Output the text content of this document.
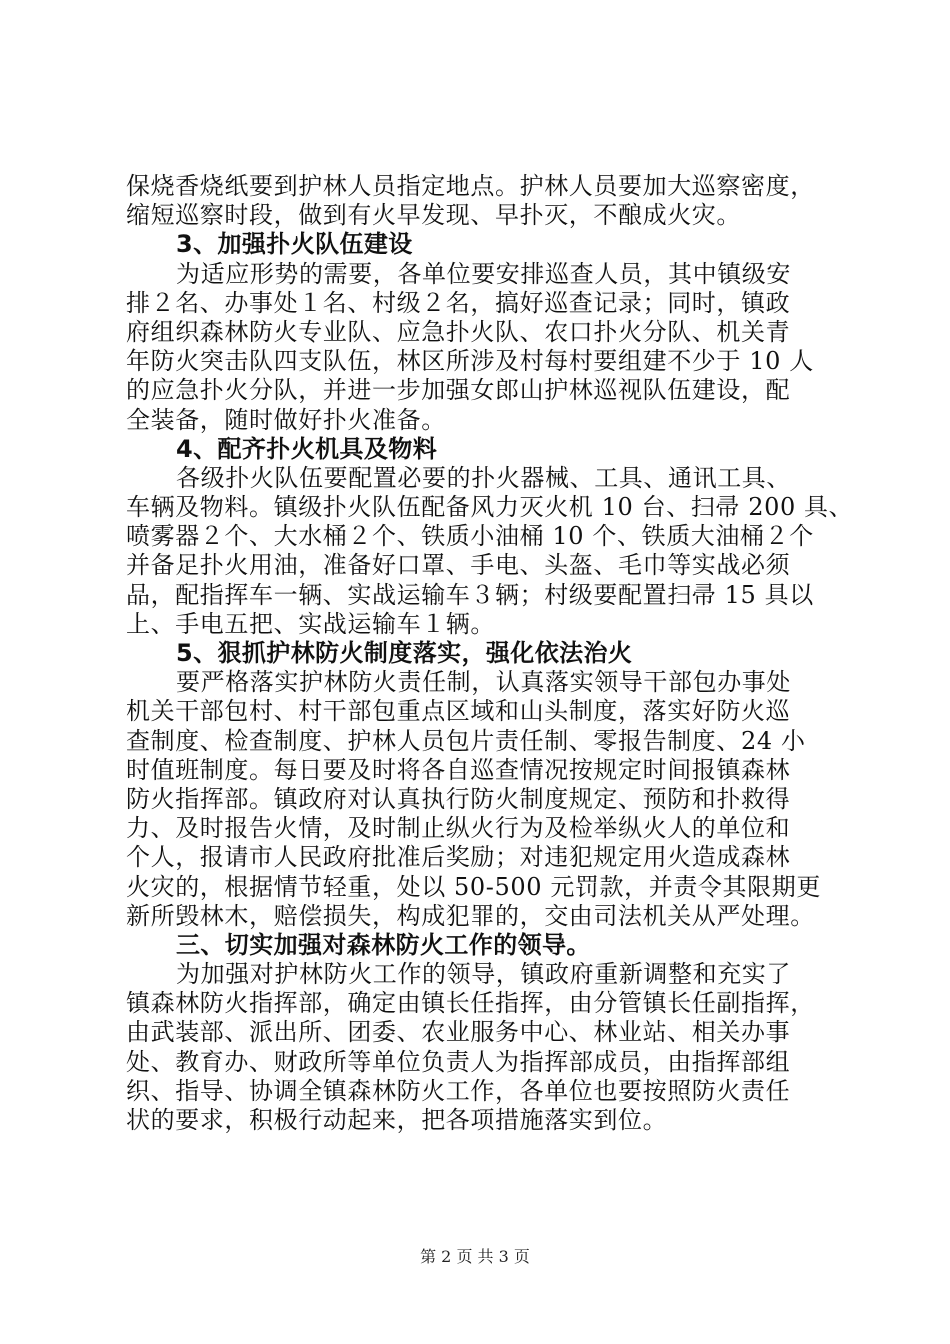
保烧香烧纸要到护林人员指定地点。护林人员要加大巡察密度，
缩短巡察时段，做到有火早发现、早扑灭，不酿成火灾。
3、加强扑火队伍建设
为适应形势的需要，各单位要安排巡查人员，其中镇级安
排２名、办事处１名、村级２名，搞好巡查记录；同时，镇政
府组织森林防火专业队、应急扑火队、农口扑火分队、机关青
年防火突击队四支队伍，林区所涉及村每村要组建不少于 10 人
的应急扑火分队，并进一步加强女郎山护林巡视队伍建设，配
全装备，随时做好扑火准备。
4、配齐扑火机具及物料
各级扑火队伍要配置必要的扑火器械、工具、通讯工具、
车辆及物料。镇级扑火队伍配备风力灭火机 10 台、扫帚 200 具、
喷雾器２个、大水桶２个、铁质小油桶 10 个、铁质大油桶２个
并备足扑火用油，准备好口罩、手电、头盔、毛巾等实战必须
品，配指挥车一辆、实战运输车３辆；村级要配置扫帚 15 具以
上、手电五把、实战运输车１辆。
5、狠抓护林防火制度落实，强化依法治火
要严格落实护林防火责任制，认真落实领导干部包办事处
机关干部包村、村干部包重点区域和山头制度，落实好防火巡
查制度、检查制度、护林人员包片责任制、零报告制度、24 小
时值班制度。每日要及时将各自巡查情况按规定时间报镇森林
防火指挥部。镇政府对认真执行防火制度规定、预防和扑救得
力、及时报告火情，及时制止纵火行为及检举纵火人的单位和
个人，报请市人民政府批准后奖励；对违犯规定用火造成森林
火灾的，根据情节轻重，处以 50-500 元罚款，并责令其限期更
新所毁林木，赔偿损失，构成犯罪的，交由司法机关从严处理。
三、切实加强对森林防火工作的领导。
为加强对护林防火工作的领导，镇政府重新调整和充实了
镇森林防火指挥部，确定由镇长任指挥，由分管镇长任副指挥，
由武装部、派出所、团委、农业服务中心、林业站、相关办事
处、教育办、财政所等单位负责人为指挥部成员，由指挥部组
织、指导、协调全镇森林防火工作，各单位也要按照防火责任
状的要求，积极行动起来，把各项措施落实到位。
第 2 页 共 3 页
